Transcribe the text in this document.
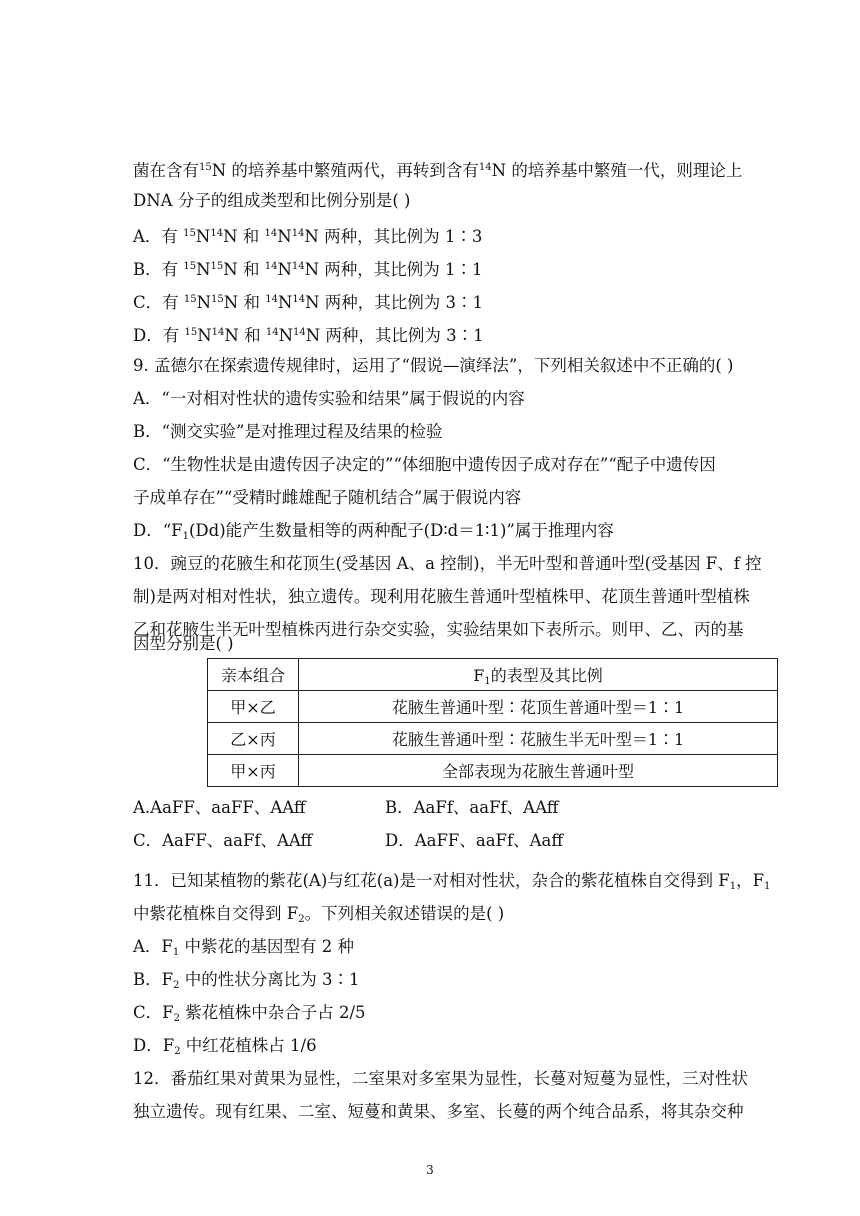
菌在含有$^{15}$N 的培养基中繁殖两代，再转到含有$^{14}$N 的培养基中繁殖一代，则理论上
DNA 分子的组成类型和比例分别是( )
A．有 $^{15}N^{14}N$ 和 $^{14}N^{14}N$ 两种，其比例为 1∶3
B．有 $^{15}N^{15}N$ 和 $^{14}N^{14}N$ 两种，其比例为 1∶1
C．有 $^{15}N^{15}N$ 和 $^{14}N^{14}N$ 两种，其比例为 3∶1
D．有 $^{15}N^{14}N$ 和 $^{14}N^{14}N$ 两种，其比例为 3∶1
9. 孟德尔在探索遗传规律时，运用了“假说—演绎法”，下列相关叙述中不正确的( )
A．“一对相对性状的遗传实验和结果”属于假说的内容
B．“测交实验”是对推理过程及结果的检验
C．“生物性状是由遗传因子决定的”“体细胞中遗传因子成对存在”“配子中遗传因
子成单存在”“受精时雌雄配子随机结合”属于假说内容
D．“$F_1(Dd)$能产生数量相等的两种配子(D∶d＝1∶1)”属于推理内容
10．豌豆的花腋生和花顶生(受基因 A、a 控制)，半无叶型和普通叶型(受基因 F、f 控
制)是两对相对性状，独立遗传。现利用花腋生普通叶型植株甲、花顶生普通叶型植株
乙和花腋生半无叶型植株丙进行杂交实验，实验结果如下表所示。则甲、乙、丙的基
因型分别是( )
亲本组合	$F_1$的表型及其比例
甲×乙	花腋生普通叶型∶花顶生普通叶型＝1∶1
乙×丙	花腋生普通叶型∶花腋生半无叶型＝1∶1
甲×丙	全部表现为花腋生普通叶型
A.AaFF、aaFF、AAff	B．AaFf、aaFf、AAff
C．AaFF、aaFf、AAff	D．AaFF、aaFf、Aaff
11．已知某植物的紫花(A)与红花(a)是一对相对性状，杂合的紫花植株自交得到 $F_1$，$F_1$
中紫花植株自交得到 $F_2$。下列相关叙述错误的是( )
A．$F_1$ 中紫花的基因型有 2 种
B．$F_2$ 中的性状分离比为 3∶1
C．$F_2$ 紫花植株中杂合子占 2/5
D．$F_2$ 中红花植株占 1/6
12．番茄红果对黄果为显性，二室果对多室果为显性，长蔓对短蔓为显性，三对性状
独立遗传。现有红果、二室、短蔓和黄果、多室、长蔓的两个纯合品系，将其杂交种
3
